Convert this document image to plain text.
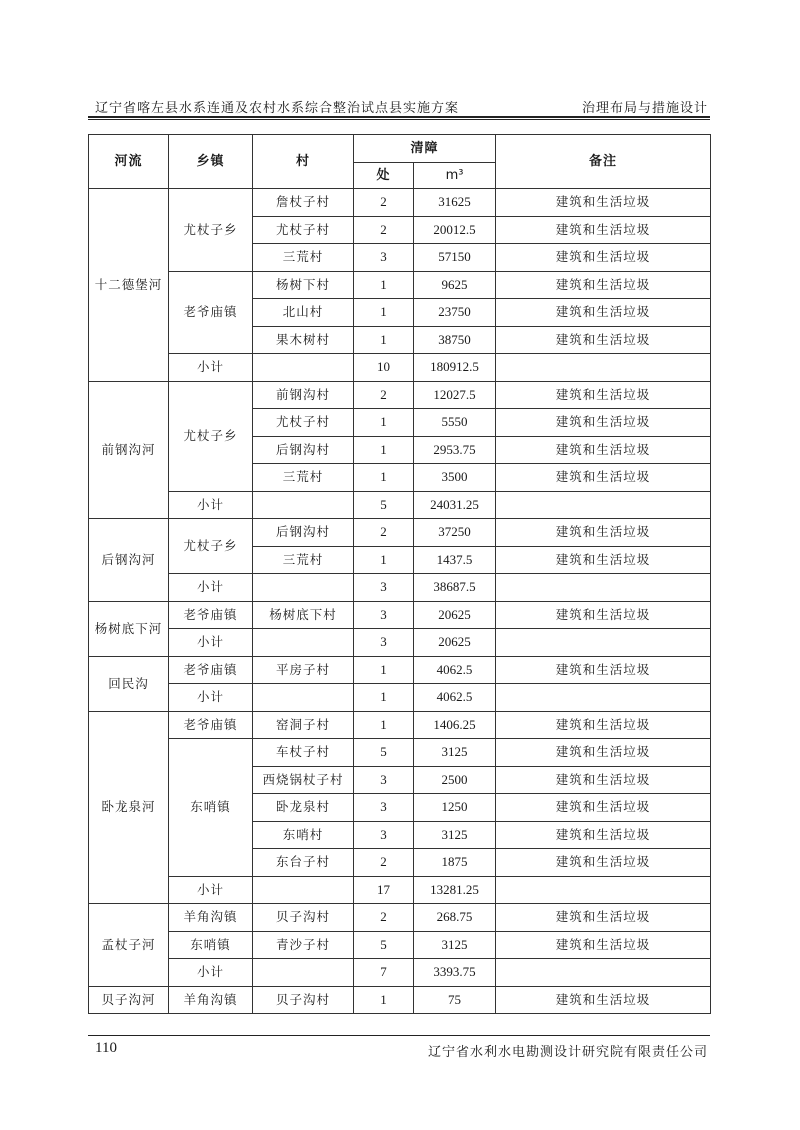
辽宁省喀左县水系连通及农村水系综合整治试点县实施方案	治理布局与措施设计
河流	乡镇	村	清障		备注
			处	m³	
十二德堡河	尤杖子乡	詹杖子村	2	31625	建筑和生活垃圾
		尤杖子村	2	20012.5	建筑和生活垃圾
		三荒村	3	57150	建筑和生活垃圾
	老爷庙镇	杨树下村	1	9625	建筑和生活垃圾
		北山村	1	23750	建筑和生活垃圾
		果木树村	1	38750	建筑和生活垃圾
	小计		10	180912.5	
前钢沟河	尤杖子乡	前钢沟村	2	12027.5	建筑和生活垃圾
		尤杖子村	1	5550	建筑和生活垃圾
		后钢沟村	1	2953.75	建筑和生活垃圾
		三荒村	1	3500	建筑和生活垃圾
	小计		5	24031.25	
后钢沟河	尤杖子乡	后钢沟村	2	37250	建筑和生活垃圾
		三荒村	1	1437.5	建筑和生活垃圾
	小计		3	38687.5	
杨树底下河	老爷庙镇	杨树底下村	3	20625	建筑和生活垃圾
	小计		3	20625	
回民沟	老爷庙镇	平房子村	1	4062.5	建筑和生活垃圾
	小计		1	4062.5	
卧龙泉河	老爷庙镇	窑洞子村	1	1406.25	建筑和生活垃圾
	东哨镇	车杖子村	5	3125	建筑和生活垃圾
		西烧锅杖子村	3	2500	建筑和生活垃圾
		卧龙泉村	3	1250	建筑和生活垃圾
		东哨村	3	3125	建筑和生活垃圾
		东台子村	2	1875	建筑和生活垃圾
	小计		17	13281.25	
孟杖子河	羊角沟镇	贝子沟村	2	268.75	建筑和生活垃圾
	东哨镇	青沙子村	5	3125	建筑和生活垃圾
	小计		7	3393.75	
贝子沟河	羊角沟镇	贝子沟村	1	75	建筑和生活垃圾
110	辽宁省水利水电勘测设计研究院有限责任公司
